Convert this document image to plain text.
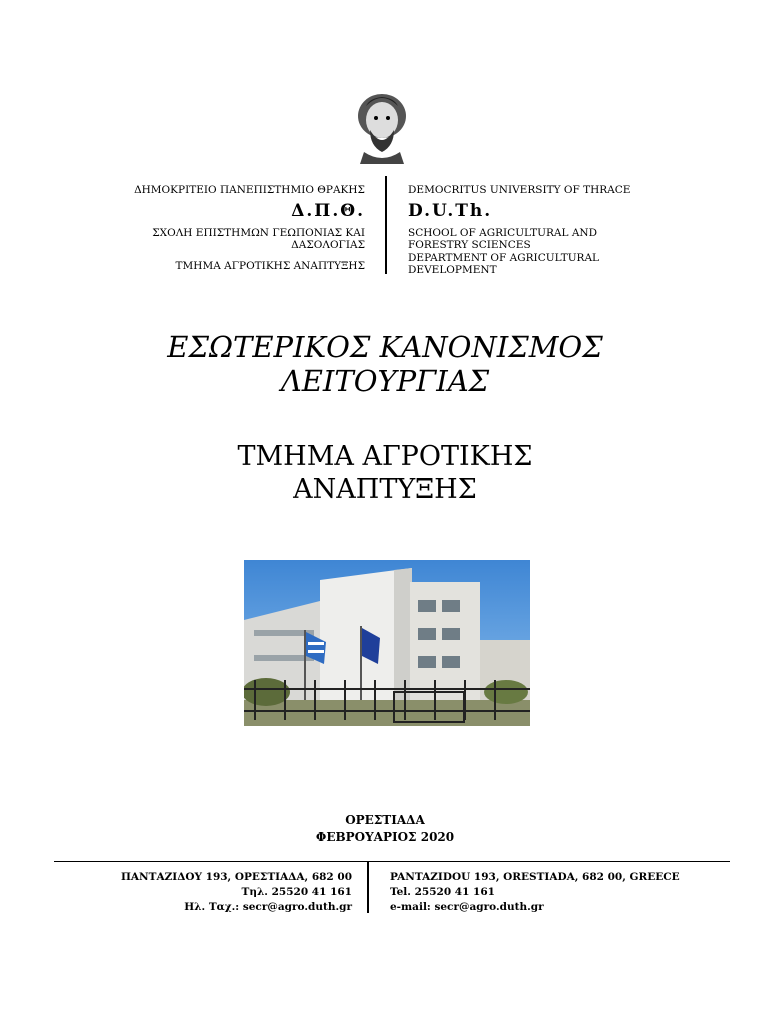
ΔΗΜΟΚΡΙΤΕΙΟ ΠΑΝΕΠΙΣΤΗΜΙΟ ΘΡΑΚΗΣ
Δ.Π.Θ.
ΣΧΟΛΗ ΕΠΙΣΤΗΜΩΝ ΓΕΩΠΟΝΙΑΣ ΚΑΙ ΔΑΣΟΛΟΓΙΑΣ
ΤΜΗΜΑ ΑΓΡΟΤΙΚΗΣ ΑΝΑΠΤΥΞΗΣ
DEMOCRITUS UNIVERSITY OF THRACE
D.U.Th.
SCHOOL OF AGRICULTURAL AND FORESTRY SCIENCES
DEPARTMENT OF AGRICULTURAL DEVELOPMENT
ΕΣΩΤΕΡΙΚΟΣ ΚΑΝΟΝΙΣΜΟΣ
ΛΕΙΤΟΥΡΓΙΑΣ
ΤΜΗΜΑ ΑΓΡΟΤΙΚΗΣ
ΑΝΑΠΤΥΞΗΣ
ΟΡΕΣΤΙΑΔΑ
ΦΕΒΡΟΥΑΡΙΟΣ 2020
ΠΑΝΤΑΖΙΔΟΥ 193, ΟΡΕΣΤΙΑΔΑ, 682 00
Τηλ. 25520 41 161
Ηλ. Ταχ.: secr@agro.duth.gr
PANTAZIDOU 193, ORESTIADA, 682 00, GREECE
Tel. 25520 41 161
e-mail: secr@agro.duth.gr
